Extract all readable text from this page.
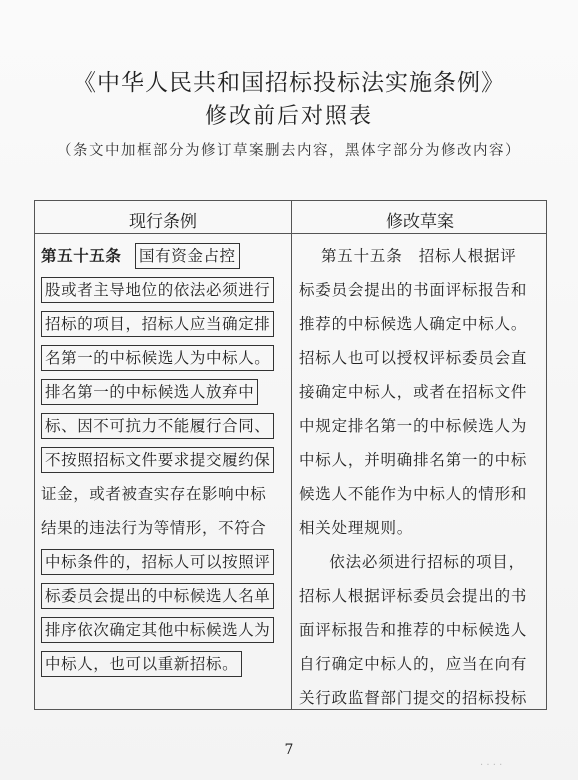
《中华人民共和国招标投标法实施条例》
修改前后对照表
（条文中加框部分为修订草案删去内容，黑体字部分为修改内容）
现行条例	修改草案
第五十五条 国有资金占控
股或者主导地位的依法必须进行
招标的项目，招标人应当确定排
名第一的中标候选人为中标人。
排名第一的中标候选人放弃中
标、因不可抗力不能履行合同、
不按照招标文件要求提交履约保
证金，或者被查实存在影响中标
结果的违法行为等情形，不符合
中标条件的，招标人可以按照评
标委员会提出的中标候选人名单
排序依次确定其他中标候选人为
中标人，也可以重新招标。
第五十五条　招标人根据评
标委员会提出的书面评标报告和
推荐的中标候选人确定中标人。
招标人也可以授权评标委员会直
接确定中标人，或者在招标文件
中规定排名第一的中标候选人为
中标人，并明确排名第一的中标
候选人不能作为中标人的情形和
相关处理规则。
　依法必须进行招标的项目，
招标人根据评标委员会提出的书
面评标报告和推荐的中标候选人
自行确定中标人的，应当在向有
关行政监督部门提交的招标投标
7
· · · ·
